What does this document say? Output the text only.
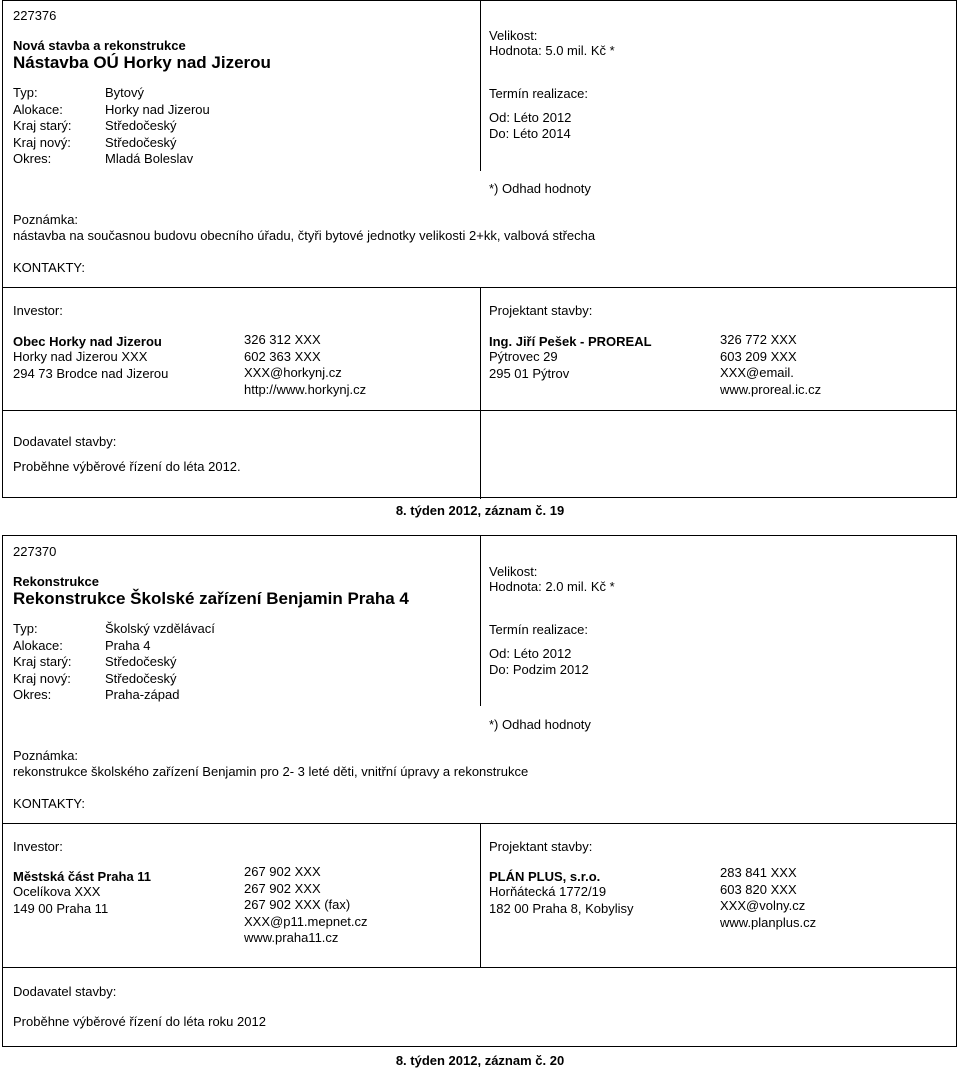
227376
Nová stavba a rekonstrukce
Nástavba OÚ Horky nad Jizerou
Typ:
Alokace:
Kraj starý:
Kraj nový:
Okres:
Bytový
Horky nad Jizerou
Středočeský
Středočeský
Mladá Boleslav
Velikost:
Hodnota: 5.0 mil. Kč *
Termín realizace:
Od: Léto 2012
Do: Léto 2014
*) Odhad hodnoty
Poznámka:
nástavba na současnou budovu obecního úřadu, čtyři bytové jednotky velikosti 2+kk, valbová střecha
KONTAKTY:
Investor:
Obec Horky nad Jizerou
Horky nad Jizerou XXX
294 73 Brodce nad Jizerou
326 312 XXX
602 363 XXX
XXX@horkynj.cz
http://www.horkynj.cz
Projektant stavby:
Ing. Jiří Pešek - PROREAL
Pýtrovec 29
295 01 Pýtrov
326 772 XXX
603 209 XXX
XXX@email.
www.proreal.ic.cz
Dodavatel stavby:
Proběhne výběrové řízení do léta 2012.
8. týden 2012, záznam č. 19
227370
Rekonstrukce
Rekonstrukce Školské zařízení Benjamin Praha 4
Typ:
Alokace:
Kraj starý:
Kraj nový:
Okres:
Školský vzdělávací
Praha 4
Středočeský
Středočeský
Praha-západ
Velikost:
Hodnota: 2.0 mil. Kč *
Termín realizace:
Od: Léto 2012
Do: Podzim 2012
*) Odhad hodnoty
Poznámka:
rekonstrukce školského zařízení Benjamin pro 2- 3 leté děti, vnitřní úpravy a rekonstrukce
KONTAKTY:
Investor:
Městská část Praha 11
Ocelíkova XXX
149 00 Praha 11
267 902 XXX
267 902 XXX
267 902 XXX (fax)
XXX@p11.mepnet.cz
www.praha11.cz
Projektant stavby:
PLÁN PLUS, s.r.o.
Horňátecká 1772/19
182 00 Praha 8, Kobylisy
283 841 XXX
603 820 XXX
XXX@volny.cz
www.planplus.cz
Dodavatel stavby:
Proběhne výběrové řízení do léta roku 2012
8. týden 2012, záznam č. 20
